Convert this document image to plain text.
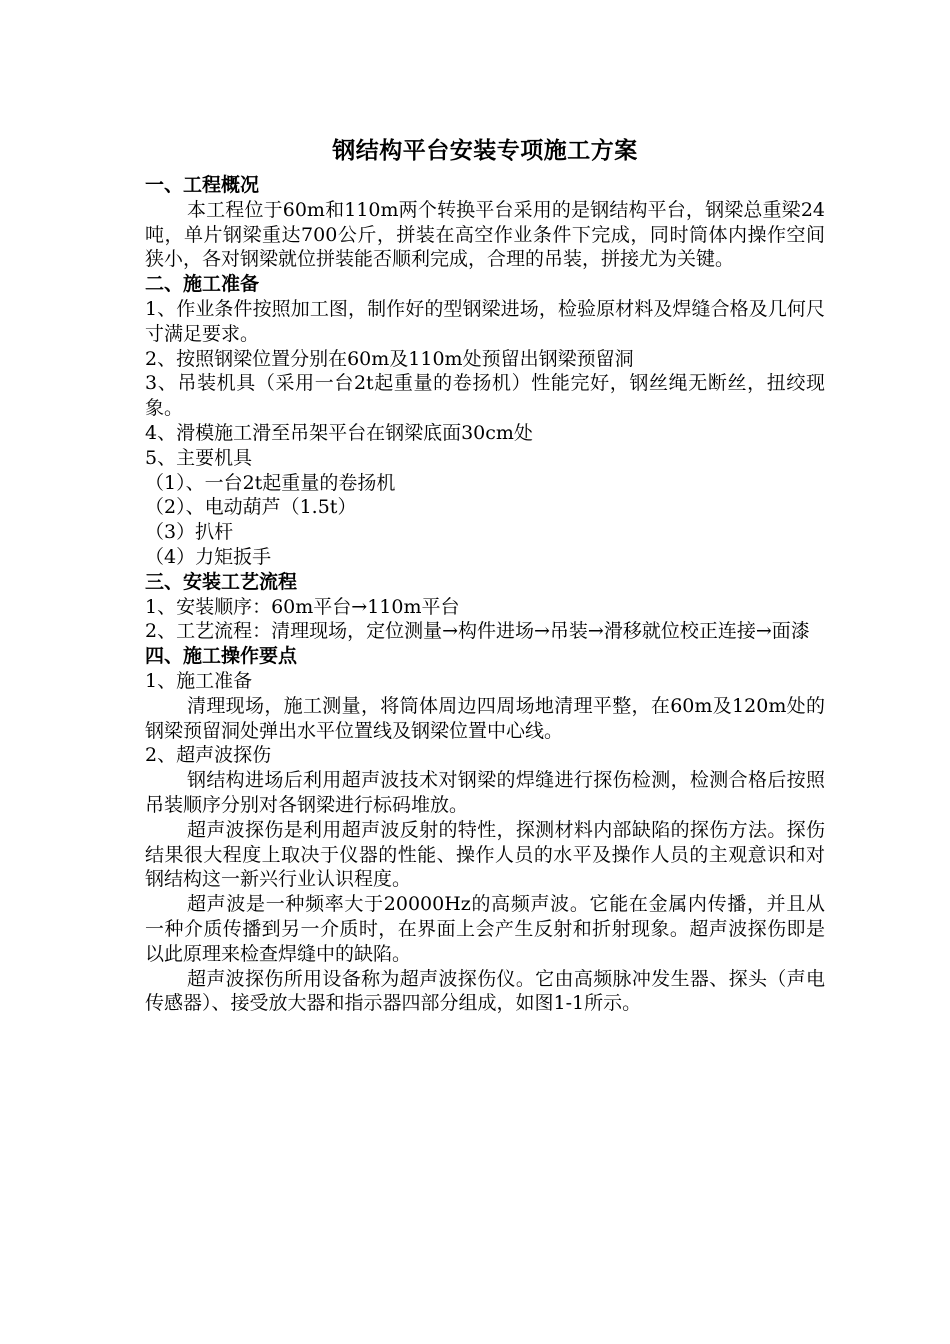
钢结构平台安装专项施工方案

一、工程概况

本工程位于60m和110m两个转换平台采用的是钢结构平台，钢梁总重梁24吨，单片钢梁重达700公斤，拼装在高空作业条件下完成，同时筒体内操作空间狭小，各对钢梁就位拼装能否顺利完成，合理的吊装，拼接尤为关键。

二、施工准备

1、作业条件按照加工图，制作好的型钢梁进场，检验原材料及焊缝合格及几何尺寸满足要求。

2、按照钢梁位置分别在60m及110m处预留出钢梁预留洞

3、吊装机具（采用一台2t起重量的卷扬机）性能完好，钢丝绳无断丝，扭绞现象。

4、滑模施工滑至吊架平台在钢梁底面30cm处

5、主要机具

（1）、一台2t起重量的卷扬机

（2）、电动葫芦（1.5t）

（3）扒杆

（4）力矩扳手

三、安装工艺流程

1、安装顺序：60m平台→110m平台

2、工艺流程：清理现场，定位测量→构件进场→吊装→滑移就位校正连接→面漆

四、施工操作要点

1、施工准备

清理现场，施工测量，将筒体周边四周场地清理平整，在60m及120m处的钢梁预留洞处弹出水平位置线及钢梁位置中心线。

2、超声波探伤

钢结构进场后利用超声波技术对钢梁的焊缝进行探伤检测，检测合格后按照吊装顺序分别对各钢梁进行标码堆放。

超声波探伤是利用超声波反射的特性，探测材料内部缺陷的探伤方法。探伤结果很大程度上取决于仪器的性能、操作人员的水平及操作人员的主观意识和对钢结构这一新兴行业认识程度。

超声波是一种频率大于20000Hz的高频声波。它能在金属内传播，并且从一种介质传播到另一介质时，在界面上会产生反射和折射现象。超声波探伤即是以此原理来检查焊缝中的缺陷。

超声波探伤所用设备称为超声波探伤仪。它由高频脉冲发生器、探头（声电传感器）、接受放大器和指示器四部分组成，如图1-1所示。
